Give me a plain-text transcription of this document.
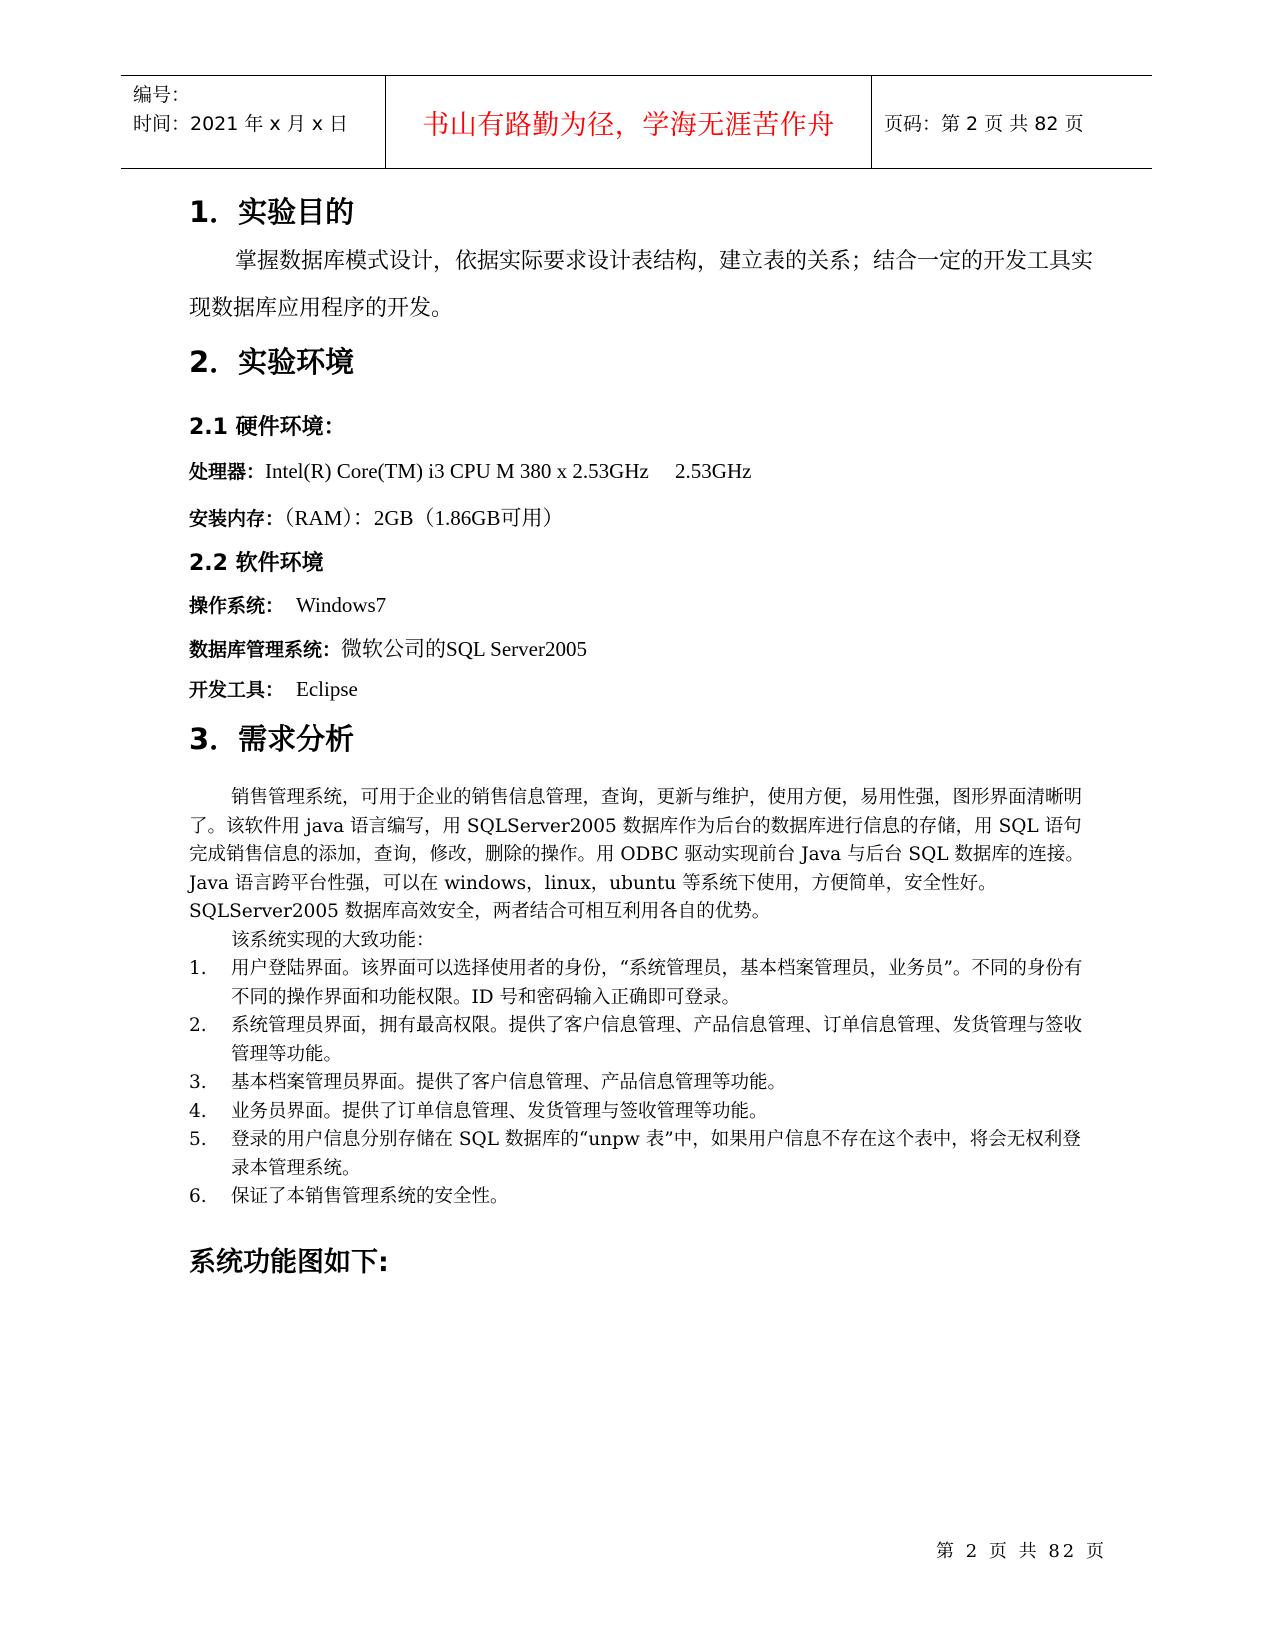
编号：
时间：2021 年 x 月 x 日	书山有路勤为径，学海无涯苦作舟	页码：第 2 页 共 82 页
1．实验目的
掌握数据库模式设计，依据实际要求设计表结构，建立表的关系；结合一定的开发工具实现数据库应用程序的开发。
2．实验环境
2.1 硬件环境：
处理器：Intel(R) Core(TM) i3 CPU M 380 x 2.53GHz     2.53GHz
安装内存：（RAM）：2GB（1.86GB可用）
2.2 软件环境
操作系统： Windows7
数据库管理系统：微软公司的SQL Server2005
开发工具： Eclipse
3．需求分析

销售管理系统，可用于企业的销售信息管理，查询，更新与维护，使用方便，易用性强，图形界面清晰明了。该软件用 java 语言编写，用 SQLServer2005 数据库作为后台的数据库进行信息的存储，用 SQL 语句完成销售信息的添加，查询，修改，删除的操作。用 ODBC 驱动实现前台 Java 与后台 SQL 数据库的连接。Java 语言跨平台性强，可以在 windows，linux，ubuntu 等系统下使用，方便简单，安全性好。SQLServer2005 数据库高效安全，两者结合可相互利用各自的优势。

该系统实现的大致功能：

1. 用户登陆界面。该界面可以选择使用者的身份，“系统管理员，基本档案管理员，业务员”。不同的身份有不同的操作界面和功能权限。ID 号和密码输入正确即可登录。
2. 系统管理员界面，拥有最高权限。提供了客户信息管理、产品信息管理、订单信息管理、发货管理与签收管理等功能。
3. 基本档案管理员界面。提供了客户信息管理、产品信息管理等功能。
4. 业务员界面。提供了订单信息管理、发货管理与签收管理等功能。
5. 登录的用户信息分别存储在 SQL 数据库的“unpw 表”中，如果用户信息不存在这个表中，将会无权利登录本管理系统。
6. 保证了本销售管理系统的安全性。
系统功能图如下:
第 2 页 共 82 页
